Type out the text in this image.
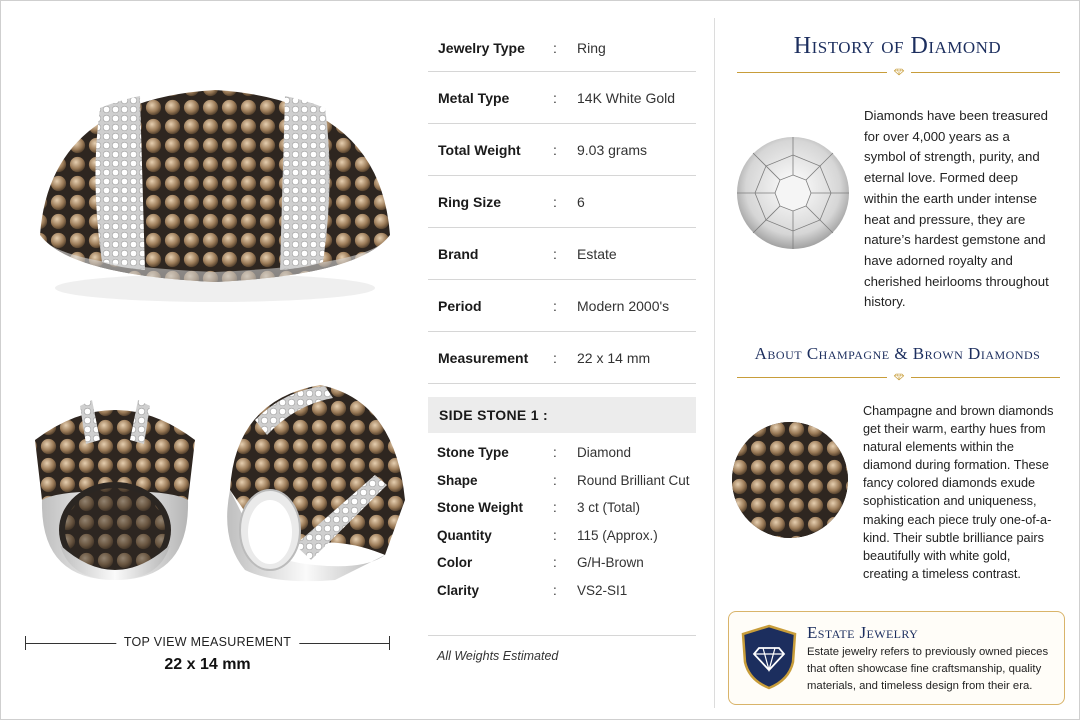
TOP VIEW MEASUREMENT
22 x 14 mm
Jewelry Type : Ring
Metal Type	: 14K White Gold
Total Weight : 9.03 grams
Ring Size	: 6
Brand	: Estate
Period	: Modern 2000's
Measurement : 22 x 14 mm
SIDE STONE 1 :
Stone Type	: Diamond
Shape	: Round Brilliant Cut
Stone Weight : 3 ct (Total)
Quantity	: 115 (Approx.)
Color	: G/H-Brown
Clarity	: VS2-SI1
All Weights Estimated
History of Diamond
Diamonds have been treasured for over 4,000 years as a symbol of strength, purity, and eternal love. Formed deep within the earth under intense heat and pressure, they are nature’s hardest gemstone and have adorned royalty and cherished heirlooms throughout history.
About Champagne & Brown Diamonds
Champagne and brown diamonds get their warm, earthy hues from natural elements within the diamond during formation. These fancy colored diamonds exude sophistication and uniqueness, making each piece truly one-of-a-kind. Their subtle brilliance pairs beautifully with white gold, creating a timeless contrast.
Estate Jewelry
Estate jewelry refers to previously owned pieces that often showcase fine craftsmanship, quality materials, and timeless design from their era.
